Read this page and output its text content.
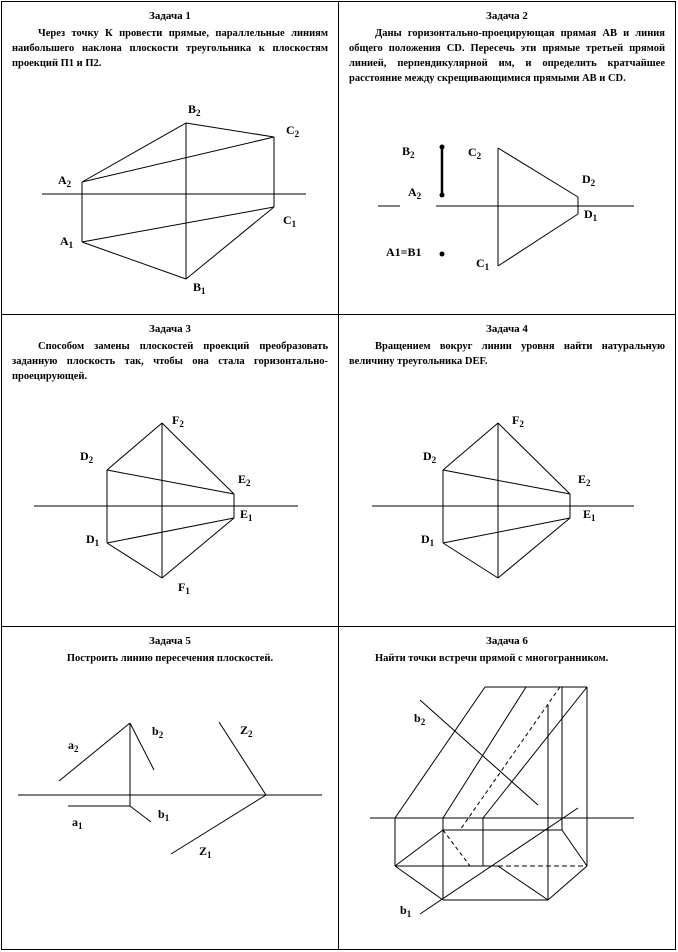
Задача 1
Через точку К провести прямые, параллельные линиям наибольшего наклона плоскости треугольника к плоскостям проекций П1 и П2.
Задача 2
Даны горизонтально-проецирующая прямая АВ и линия общего положения CD. Пересечь эти прямые третьей прямой линией, перпендикулярной им, и определить кратчайшее расстояние между скрещивающимися прямыми АВ и CD.
Задача 3
Способом замены плоскостей проекций преобразовать заданную плоскость так, чтобы она стала горизонтально-проецирующей.
Задача 4
Вращением вокруг линии уровня найти натуральную величину треугольника DEF.
Задача 5
Построить линию пересечения плоскостей.
Задача 6
Найти точки встречи прямой с многогранником.
$B_2$
$C_2$
$A_2$
$C_1$
$A_1$
$B_1$
$B_2$	$C_2$
$D_2$
$A_2$
$D_1$
A1=B1
$C_1$
$F_2$
$D_2$
$E_2$
$E_1$
$D_1$
$F_1$
$F_2$
$D_2$
$E_2$
$E_1$
$D_1$
$a_2$
$b_2$	$Z_2$
$b_1$
$a_1$
$Z_1$
$b_2$
$b_1$
